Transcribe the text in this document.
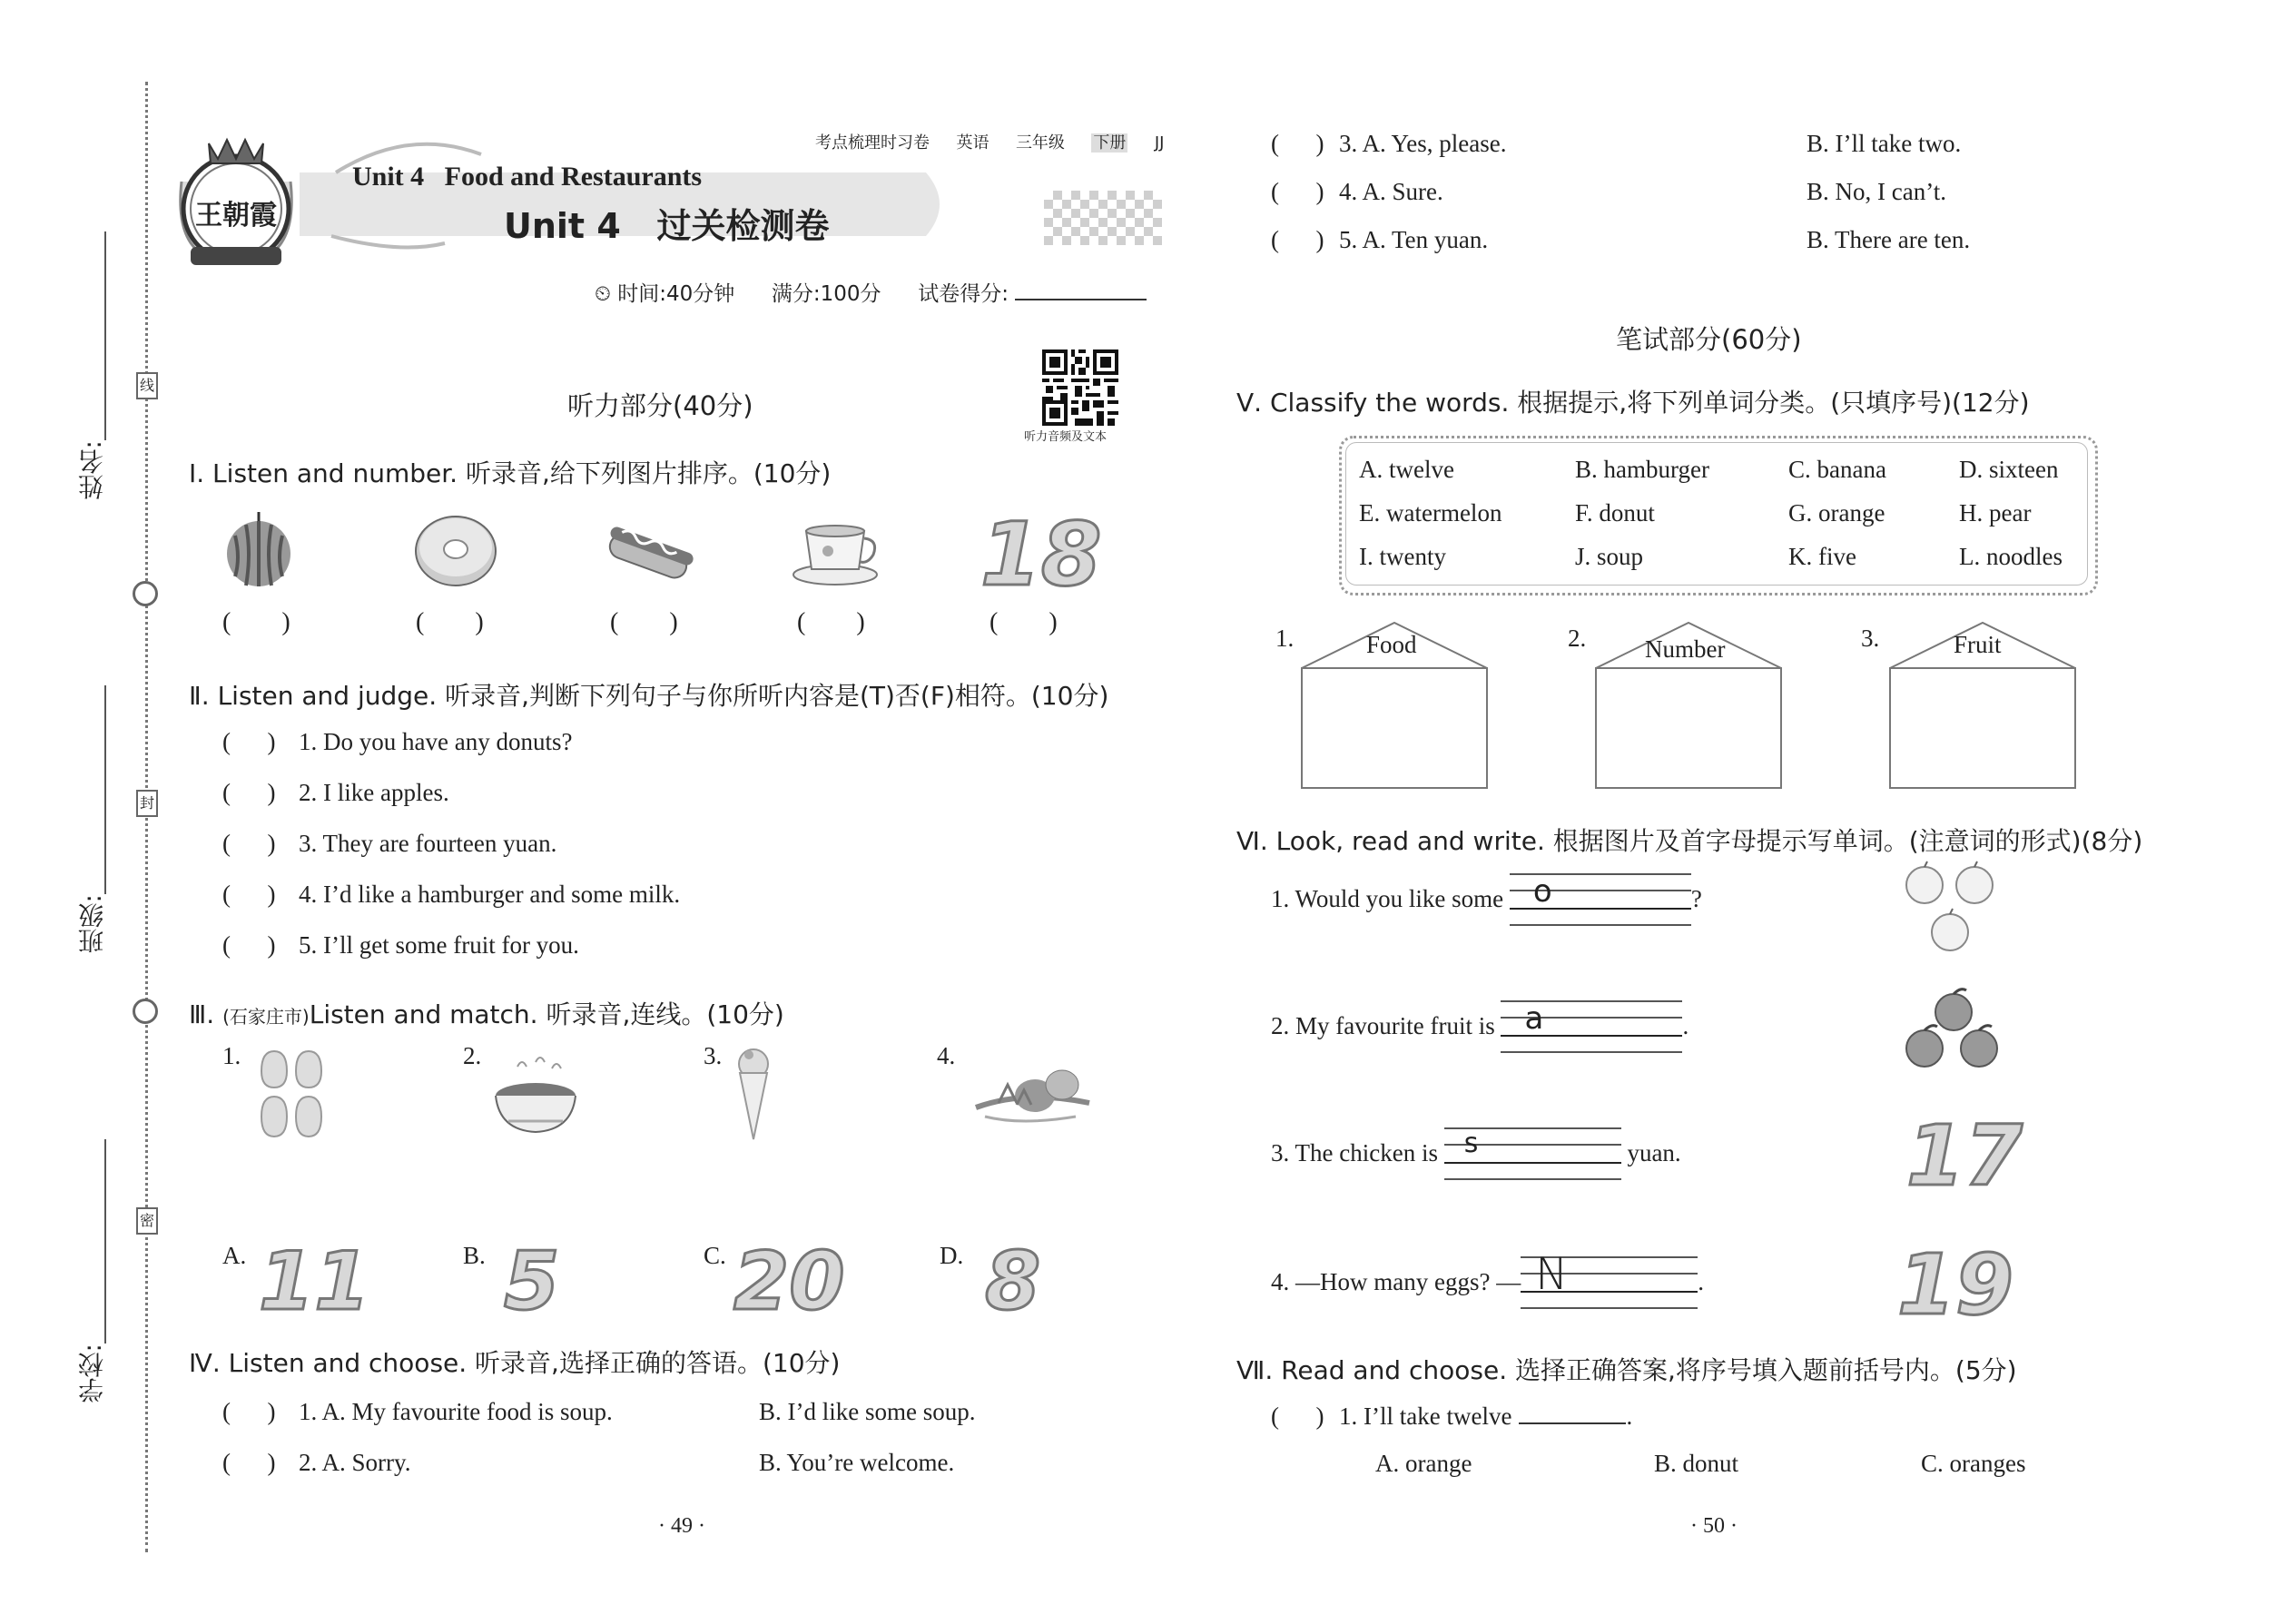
姓名:
线
班级:
封
学校:
密
王朝霞
考点梳理时习卷 英语 三年级 下册 JJ
Unit 4   Food and Restaurants
Unit 4   过关检测卷
⏲ 时间:40分钟 满分:100分 试卷得分:
听力音频及文本
听力部分(40分)
Ⅰ. Listen and number. 听录音,给下列图片排序。(10分)
18
(        )	(        )	(        )	(        )	(        )
Ⅱ. Listen and judge. 听录音,判断下列句子与你所听内容是(T)否(F)相符。(10分)
(      ) 1. Do you have any donuts?
(      ) 2. I like apples.
(      ) 3. They are fourteen yuan.
(      ) 4. I’d like a hamburger and some milk.
(      ) 5. I’ll get some fruit for you.
Ⅲ. (石家庄市)Listen and match. 听录音,连线。(10分)
1.	2.	3.	4.
A.	B.	C.	D.
11 5 20 8
Ⅳ. Listen and choose. 听录音,选择正确的答语。(10分)
(      ) 1. A. My favourite food is soup.	B. I’d like some soup.
(      ) 2. A. Sorry.	B. You’re welcome.
· 49 ·
(      ) 3. A. Yes, please.	B. I’ll take two.
(      ) 4. A. Sure.	B. No, I can’t.
(      ) 5. A. Ten yuan.	B. There are ten.
笔试部分(60分)
Ⅴ. Classify the words. 根据提示,将下列单词分类。(只填序号)(12分)
A. twelve	B. hamburger	C. banana	D. sixteen
E. watermelon	F. donut	G. orange	H. pear
I. twenty	J. soup	K. five	L. noodles
1.	Food	2. Number	3.	Fruit
Ⅵ. Look, read and write. 根据图片及首字母提示写单词。(注意词的形式)(8分)
1. Would you like some o	?
2. My favourite fruit is a	.
3. The chicken is s	yuan.	17
4. —How many eggs? — N	. 19
Ⅶ. Read and choose. 选择正确答案,将序号填入题前括号内。(5分)
(      ) 1. I’ll take twelve	.
A. orange	B. donut	C. oranges
· 50 ·
